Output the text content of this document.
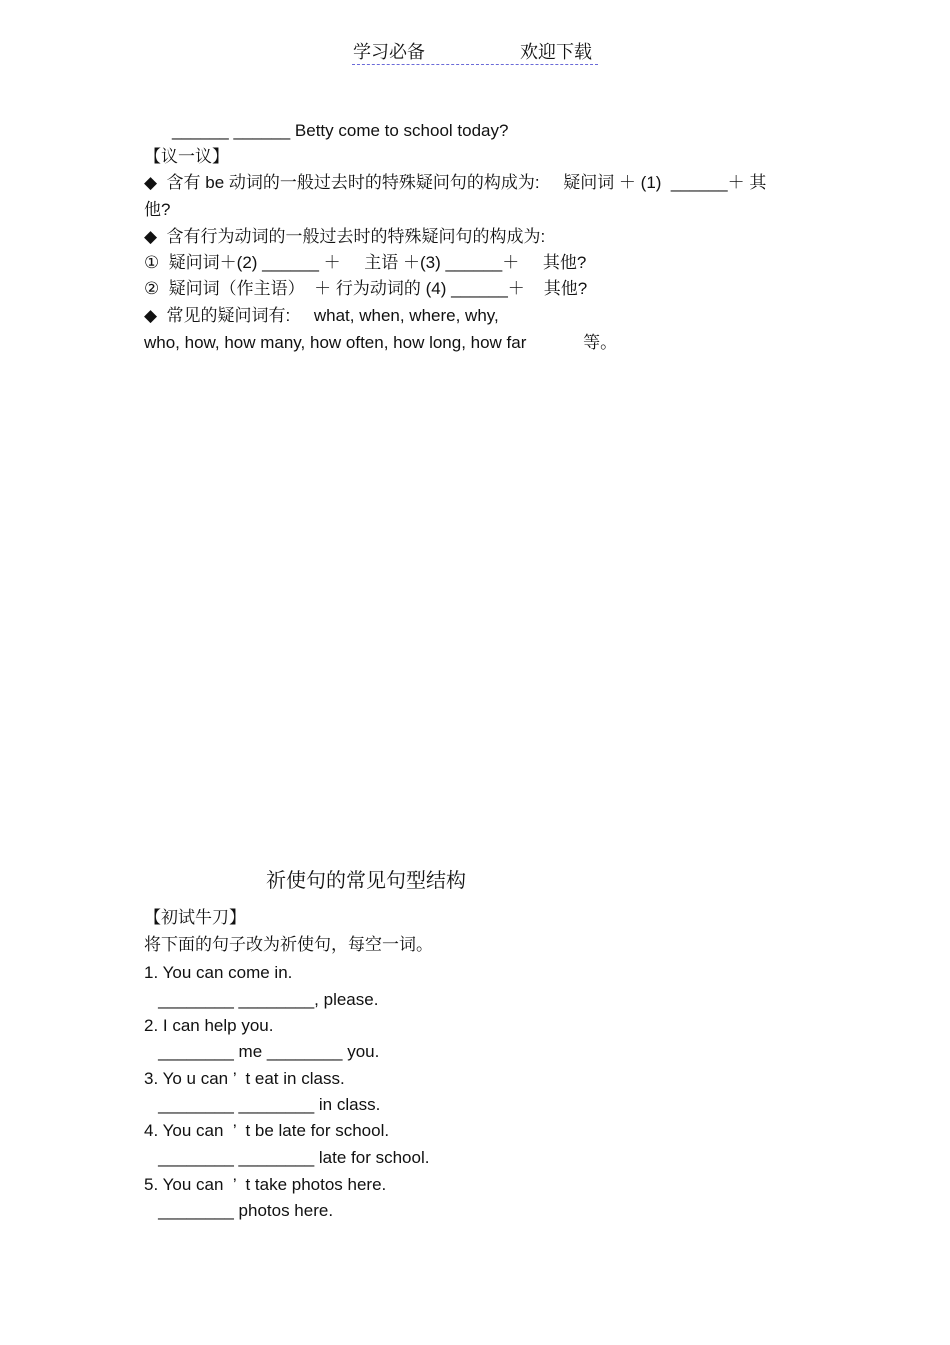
学习必备	欢迎下载
______ ______ Betty come to school today?
【议一议】
◆  含有 be 动词的一般过去时的特殊疑问句的构成为:     疑问词 ＋ (1)  ______＋ 其
他?
◆  含有行为动词的一般过去时的特殊疑问句的构成为:
①  疑问词＋(2) ______ ＋     主语 ＋(3) ______＋     其他?
②  疑问词（作主语）  ＋ 行为动词的 (4) ______＋    其他?
◆  常见的疑问词有:     what, when, where, why,
who, how, how many, how often, how long, how far            等。
祈使句的常见句型结构
【初试牛刀】
将下面的句子改为祈使句，每空一词。
1. You can come in.
________ ________, please.
2. I can help you.
________ me ________ you.
3. Yo u can ’  t eat in class.
________ ________ in class.
4. You can  ’  t be late for school.
________ ________ late for school.
5. You can  ’  t take photos here.
________ photos here.
